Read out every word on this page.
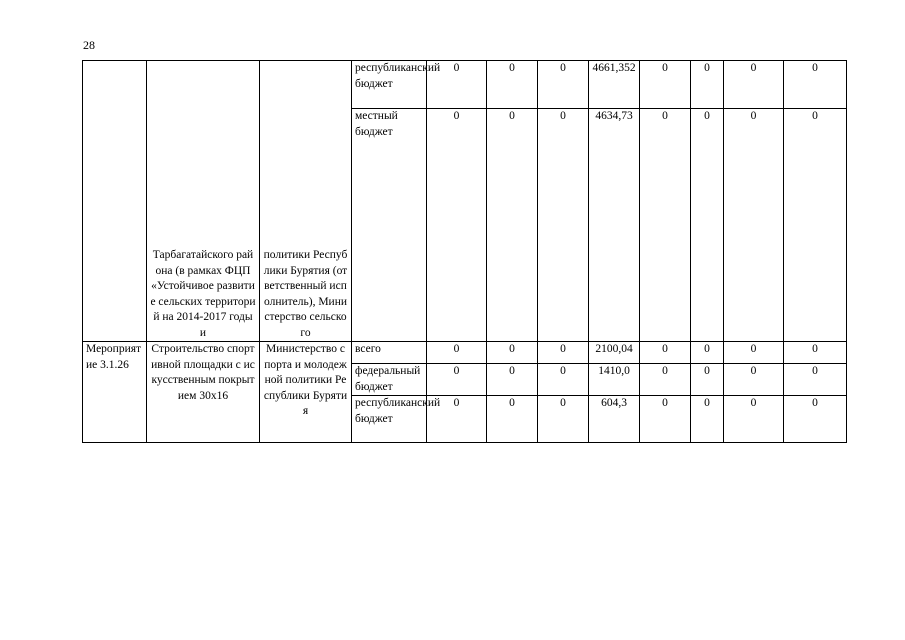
28

	Тарбагатайского района (в рамках ФЦП «Устойчивое развитие сельских территорий на 2014-2017 годы и	политики Республики Бурятия (ответственный исполнитель), Министерство сельского	республиканский бюджет	0	0	0	4661,352	0	0	0	0
			местный бюджет	0	0	0	4634,73	0	0	0	0

Мероприятие 3.1.26	Строительство спортивной площадки с искусственным покрытием 30х16	Министерство спорта и молодежной политики Республики Бурятия	всего	0	0	0	2100,04	0	0	0	0
			федеральный бюджет	0	0	0	1410,0	0	0	0	0
			республиканский бюджет	0	0	0	604,3	0	0	0	0
